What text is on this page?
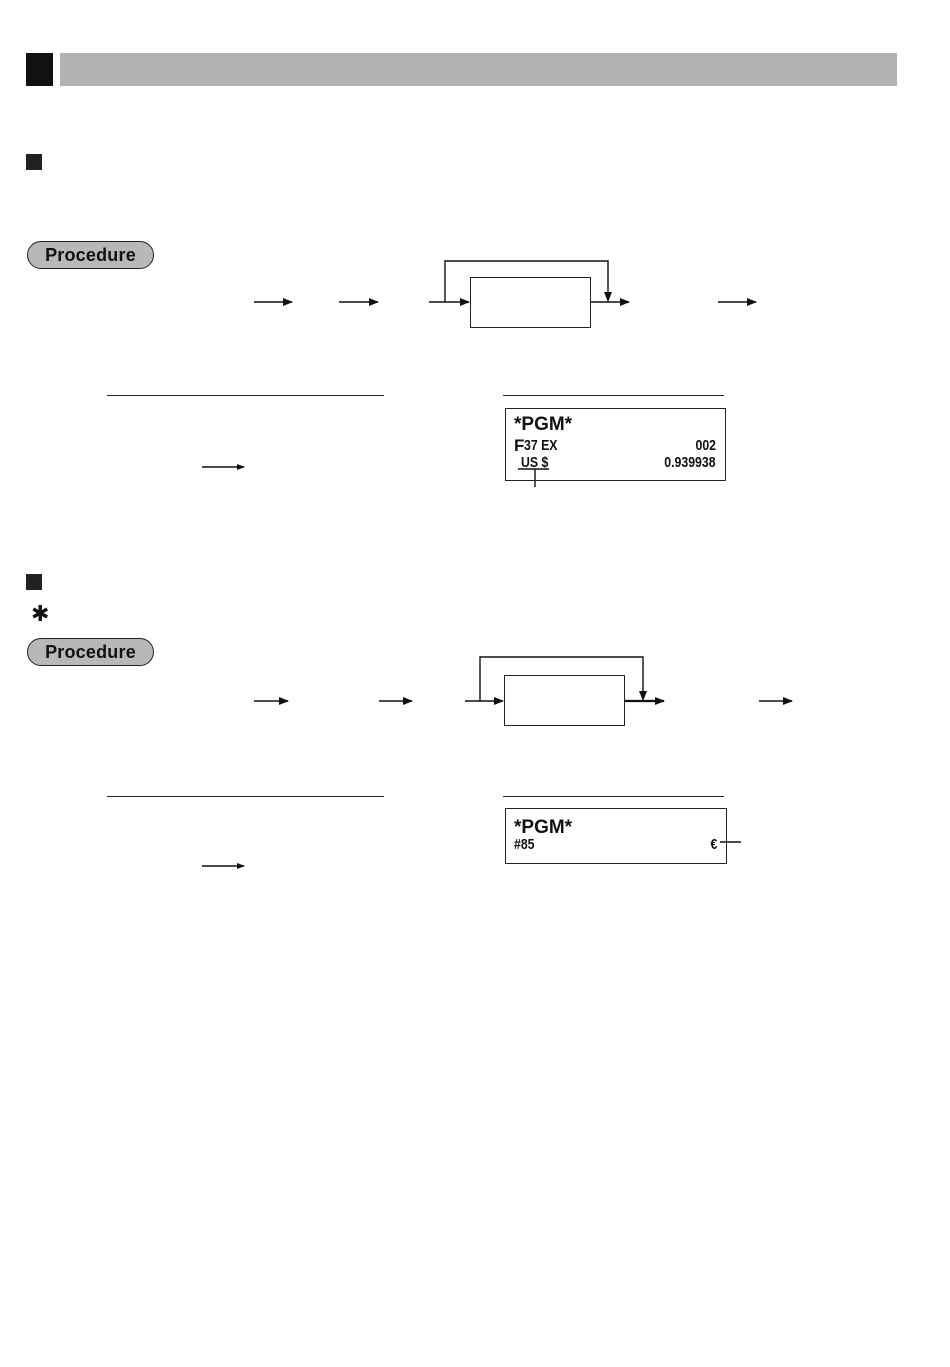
Procedure
*PGM*
F37 EX	002
US $	0.939938
✱
Procedure
*PGM*
#85	€
